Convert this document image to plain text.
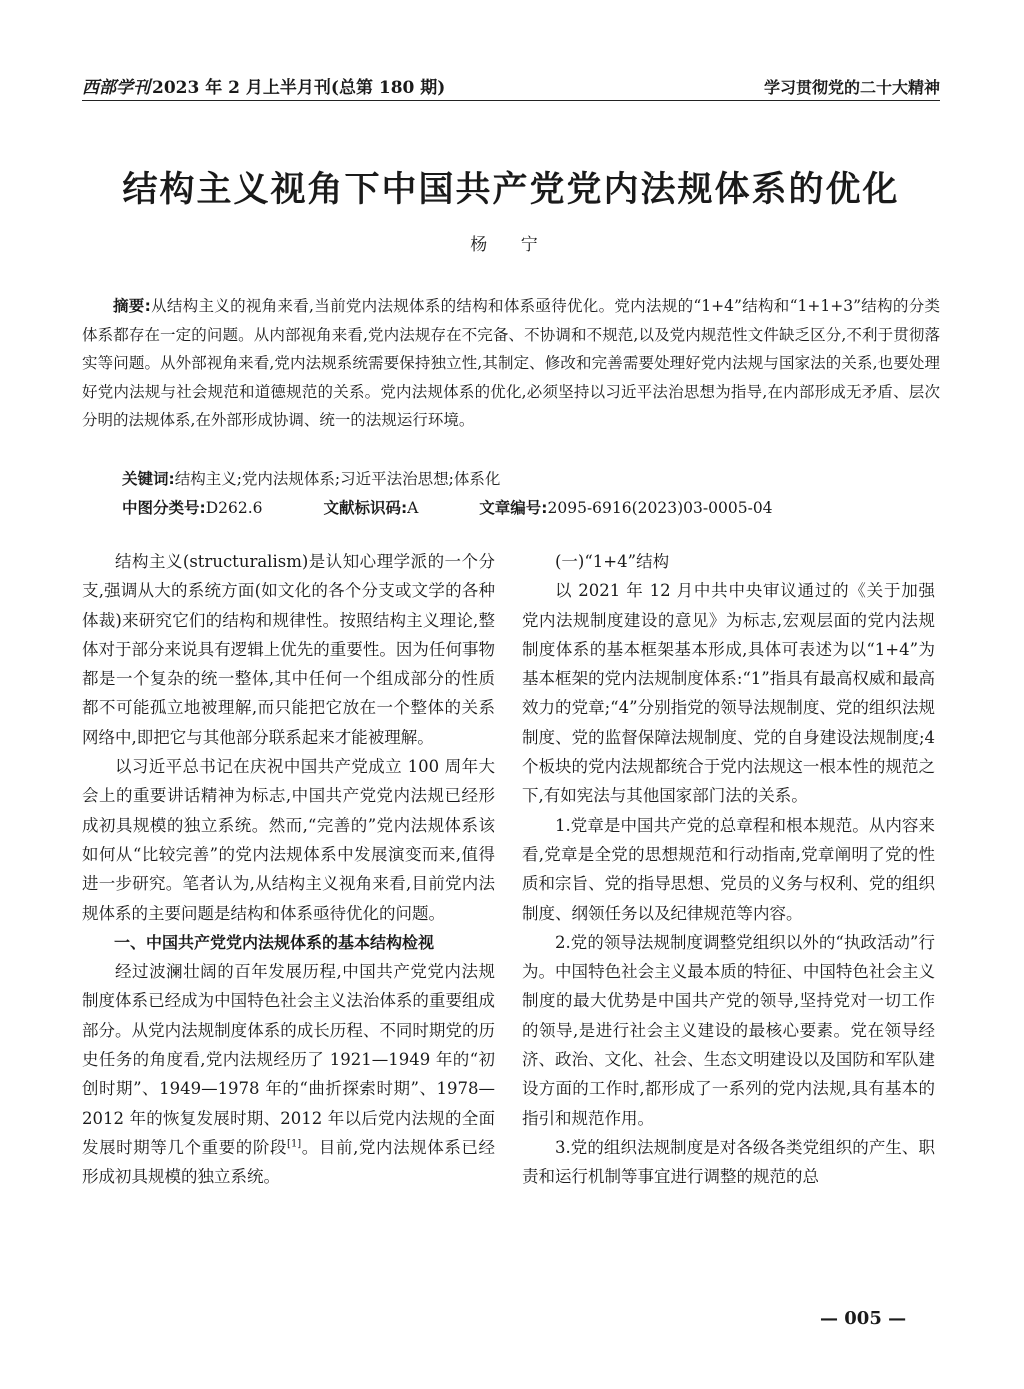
西部学刊 2023 年 2 月上半月刊(总第 180 期)	学习贯彻党的二十大精神
结构主义视角下中国共产党党内法规体系的优化
杨 宁
摘要:从结构主义的视角来看,当前党内法规体系的结构和体系亟待优化。党内法规的“1+4”结构和“1+1+3”结构的分类体系都存在一定的问题。从内部视角来看,党内法规存在不完备、不协调和不规范,以及党内规范性文件缺乏区分,不利于贯彻落实等问题。从外部视角来看,党内法规系统需要保持独立性,其制定、修改和完善需要处理好党内法规与国家法的关系,也要处理好党内法规与社会规范和道德规范的关系。党内法规体系的优化,必须坚持以习近平法治思想为指导,在内部形成无矛盾、层次分明的法规体系,在外部形成协调、统一的法规运行环境。
关键词:结构主义;党内法规体系;习近平法治思想;体系化
中图分类号:D262.6	文献标识码:A	文章编号:2095-6916(2023)03-0005-04

结构主义(structuralism)是认知心理学派的一个分支,强调从大的系统方面(如文化的各个分支或文学的各种体裁)来研究它们的结构和规律性。按照结构主义理论,整体对于部分来说具有逻辑上优先的重要性。因为任何事物都是一个复杂的统一整体,其中任何一个组成部分的性质都不可能孤立地被理解,而只能把它放在一个整体的关系网络中,即把它与其他部分联系起来才能被理解。

以习近平总书记在庆祝中国共产党成立 100 周年大会上的重要讲话精神为标志,中国共产党党内法规已经形成初具规模的独立系统。然而,“完善的”党内法规体系该如何从“比较完善”的党内法规体系中发展演变而来,值得进一步研究。笔者认为,从结构主义视角来看,目前党内法规体系的主要问题是结构和体系亟待优化的问题。

一、中国共产党党内法规体系的基本结构检视

经过波澜壮阔的百年发展历程,中国共产党党内法规制度体系已经成为中国特色社会主义法治体系的重要组成部分。从党内法规制度体系的成长历程、不同时期党的历史任务的角度看,党内法规经历了 1921—1949 年的“初创时期”、1949—1978 年的“曲折探索时期”、1978—2012 年的恢复发展时期、2012 年以后党内法规的全面发展时期等几个重要的阶段[1]。目前,党内法规体系已经形成初具规模的独立系统。

(一)“1+4”结构

以 2021 年 12 月中共中央审议通过的《关于加强党内法规制度建设的意见》为标志,宏观层面的党内法规制度体系的基本框架基本形成,具体可表述为以“1+4”为基本框架的党内法规制度体系:“1”指具有最高权威和最高效力的党章;“4”分别指党的领导法规制度、党的组织法规制度、党的监督保障法规制度、党的自身建设法规制度;4 个板块的党内法规都统合于党内法规这一根本性的规范之下,有如宪法与其他国家部门法的关系。

1.党章是中国共产党的总章程和根本规范。从内容来看,党章是全党的思想规范和行动指南,党章阐明了党的性质和宗旨、党的指导思想、党员的义务与权利、党的组织制度、纲领任务以及纪律规范等内容。

2.党的领导法规制度调整党组织以外的“执政活动”行为。中国特色社会主义最本质的特征、中国特色社会主义制度的最大优势是中国共产党的领导,坚持党对一切工作的领导,是进行社会主义建设的最核心要素。党在领导经济、政治、文化、社会、生态文明建设以及国防和军队建设方面的工作时,都形成了一系列的党内法规,具有基本的指引和规范作用。

3.党的组织法规制度是对各级各类党组织的产生、职责和运行机制等事宜进行调整的规范的总

— 005 —
